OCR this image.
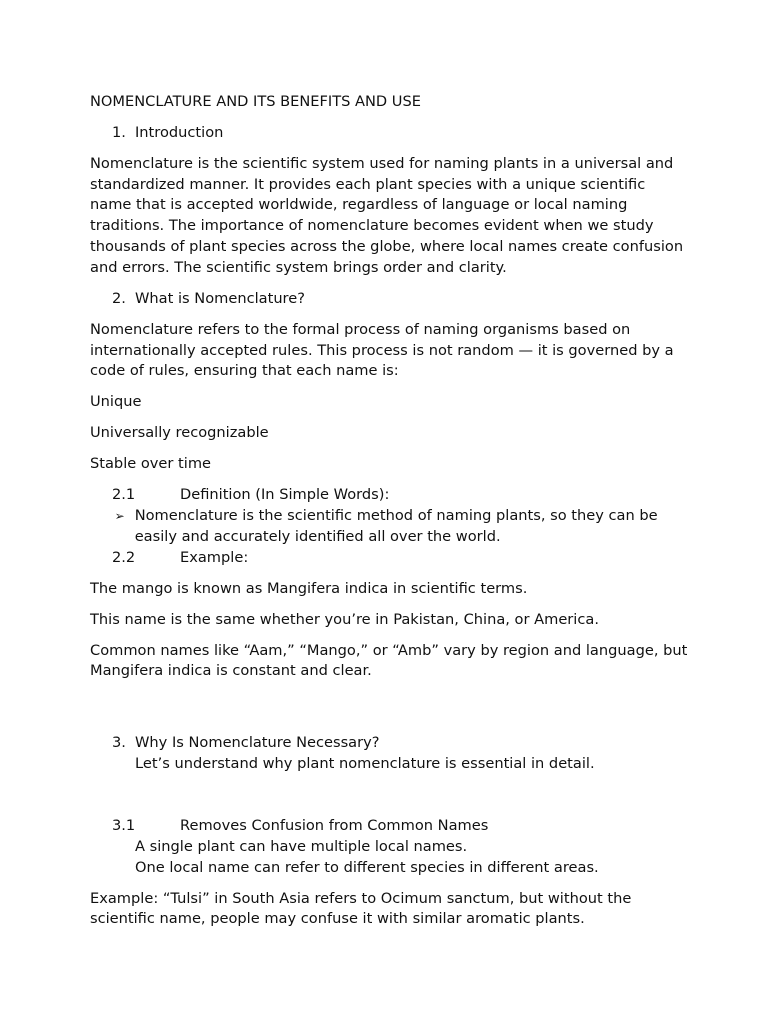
NOMENCLATURE AND ITS BENEFITS AND USE
1. Introduction
Nomenclature is the scientific system used for naming plants in a universal and standardized manner. It provides each plant species with a unique scientific name that is accepted worldwide, regardless of language or local naming traditions. The importance of nomenclature becomes evident when we study thousands of plant species across the globe, where local names create confusion and errors. The scientific system brings order and clarity.
2. What is Nomenclature?
Nomenclature refers to the formal process of naming organisms based on internationally accepted rules. This process is not random — it is governed by a code of rules, ensuring that each name is:
Unique
Universally recognizable
Stable over time
2.1	Definition (In Simple Words):
➢ Nomenclature is the scientific method of naming plants, so they can be easily and accurately identified all over the world.
2.2	Example:
The mango is known as Mangifera indica in scientific terms.
This name is the same whether you’re in Pakistan, China, or America.
Common names like “Aam,” “Mango,” or “Amb” vary by region and language, but Mangifera indica is constant and clear.
3. Why Is Nomenclature Necessary?
Let’s understand why plant nomenclature is essential in detail.
3.1	Removes Confusion from Common Names
A single plant can have multiple local names.
One local name can refer to different species in different areas.
Example: “Tulsi” in South Asia refers to Ocimum sanctum, but without the scientific name, people may confuse it with similar aromatic plants.
